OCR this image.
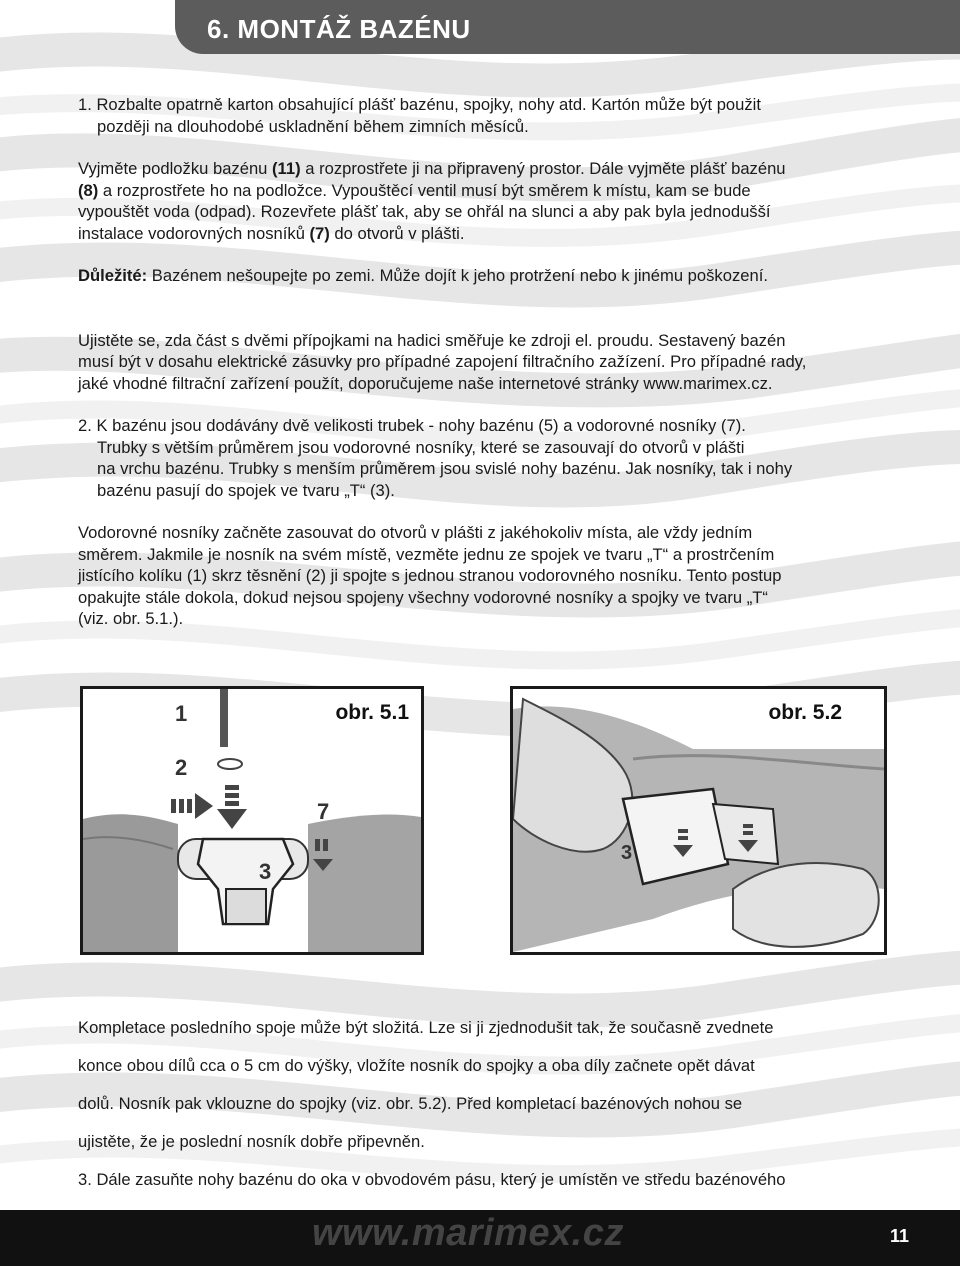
6. MONTÁŽ BAZÉNU

1. Rozbalte opatrně karton obsahující plášť bazénu, spojky, nohy atd. Kartón může být použit

později na dlouhodobé uskladnění během zimních měsíců.

Vyjměte podložku bazénu (11) a rozprostřete ji na připravený prostor. Dále vyjměte plášť bazénu
(8) a rozprostřete ho na podložce. Vypouštěcí ventil musí být směrem k místu, kam se bude
vypouštět voda (odpad). Rozevřete plášť tak, aby se ohřál na slunci a aby pak byla jednodušší
instalace vodorovných nosníků (7) do otvorů v plášti.

Důležité: Bazénem nešoupejte po zemi. Může dojít k jeho protržení nebo k jinému poškození.

Ujistěte se, zda část s dvěmi přípojkami na hadici směřuje ke zdroji el. proudu. Sestavený bazén

musí být v dosahu elektrické zásuvky pro případné zapojení filtračního zažízení. Pro případné rady,

jaké vhodné filtrační zařízení použít, doporučujeme naše internetové stránky www.marimex.cz.

2. K bazénu jsou dodávány dvě velikosti trubek - nohy bazénu (5) a vodorovné nosníky (7).

Trubky s větším průměrem jsou vodorovné nosníky, které se zasouvají do otvorů v plášti

na vrchu bazénu. Trubky s menším průměrem jsou svislé nohy bazénu. Jak nosníky, tak i nohy

bazénu pasují do spojek ve tvaru „T“ (3).

Vodorovné nosníky začněte zasouvat do otvorů v plášti z jakéhokoliv místa, ale vždy jedním

směrem. Jakmile je nosník na svém místě, vezměte jednu ze spojek ve tvaru „T“ a prostrčením

jistícího kolíku (1) skrz těsnění (2) ji spojte s jednou stranou vodorovného nosníku. Tento postup

opakujte stále dokola, dokud nejsou spojeny všechny vodorovné nosníky a spojky ve tvaru „T“

(viz. obr. 5.1.).

1
2
7
3
obr. 5.1
3
obr. 5.2

Kompletace posledního spoje může být složitá. Lze si ji zjednodušit tak, že současně zvednete

konce obou dílů cca o 5 cm do výšky, vložíte nosník do spojky a oba díly začnete opět dávat

dolů. Nosník pak vklouzne do spojky (viz. obr. 5.2). Před kompletací bazénových nohou se

ujistěte, že je poslední nosník dobře připevněn.

3. Dále zasuňte nohy bazénu do oka v obvodovém pásu, který je umístěn ve středu bazénového

www.marimex.cz	11
